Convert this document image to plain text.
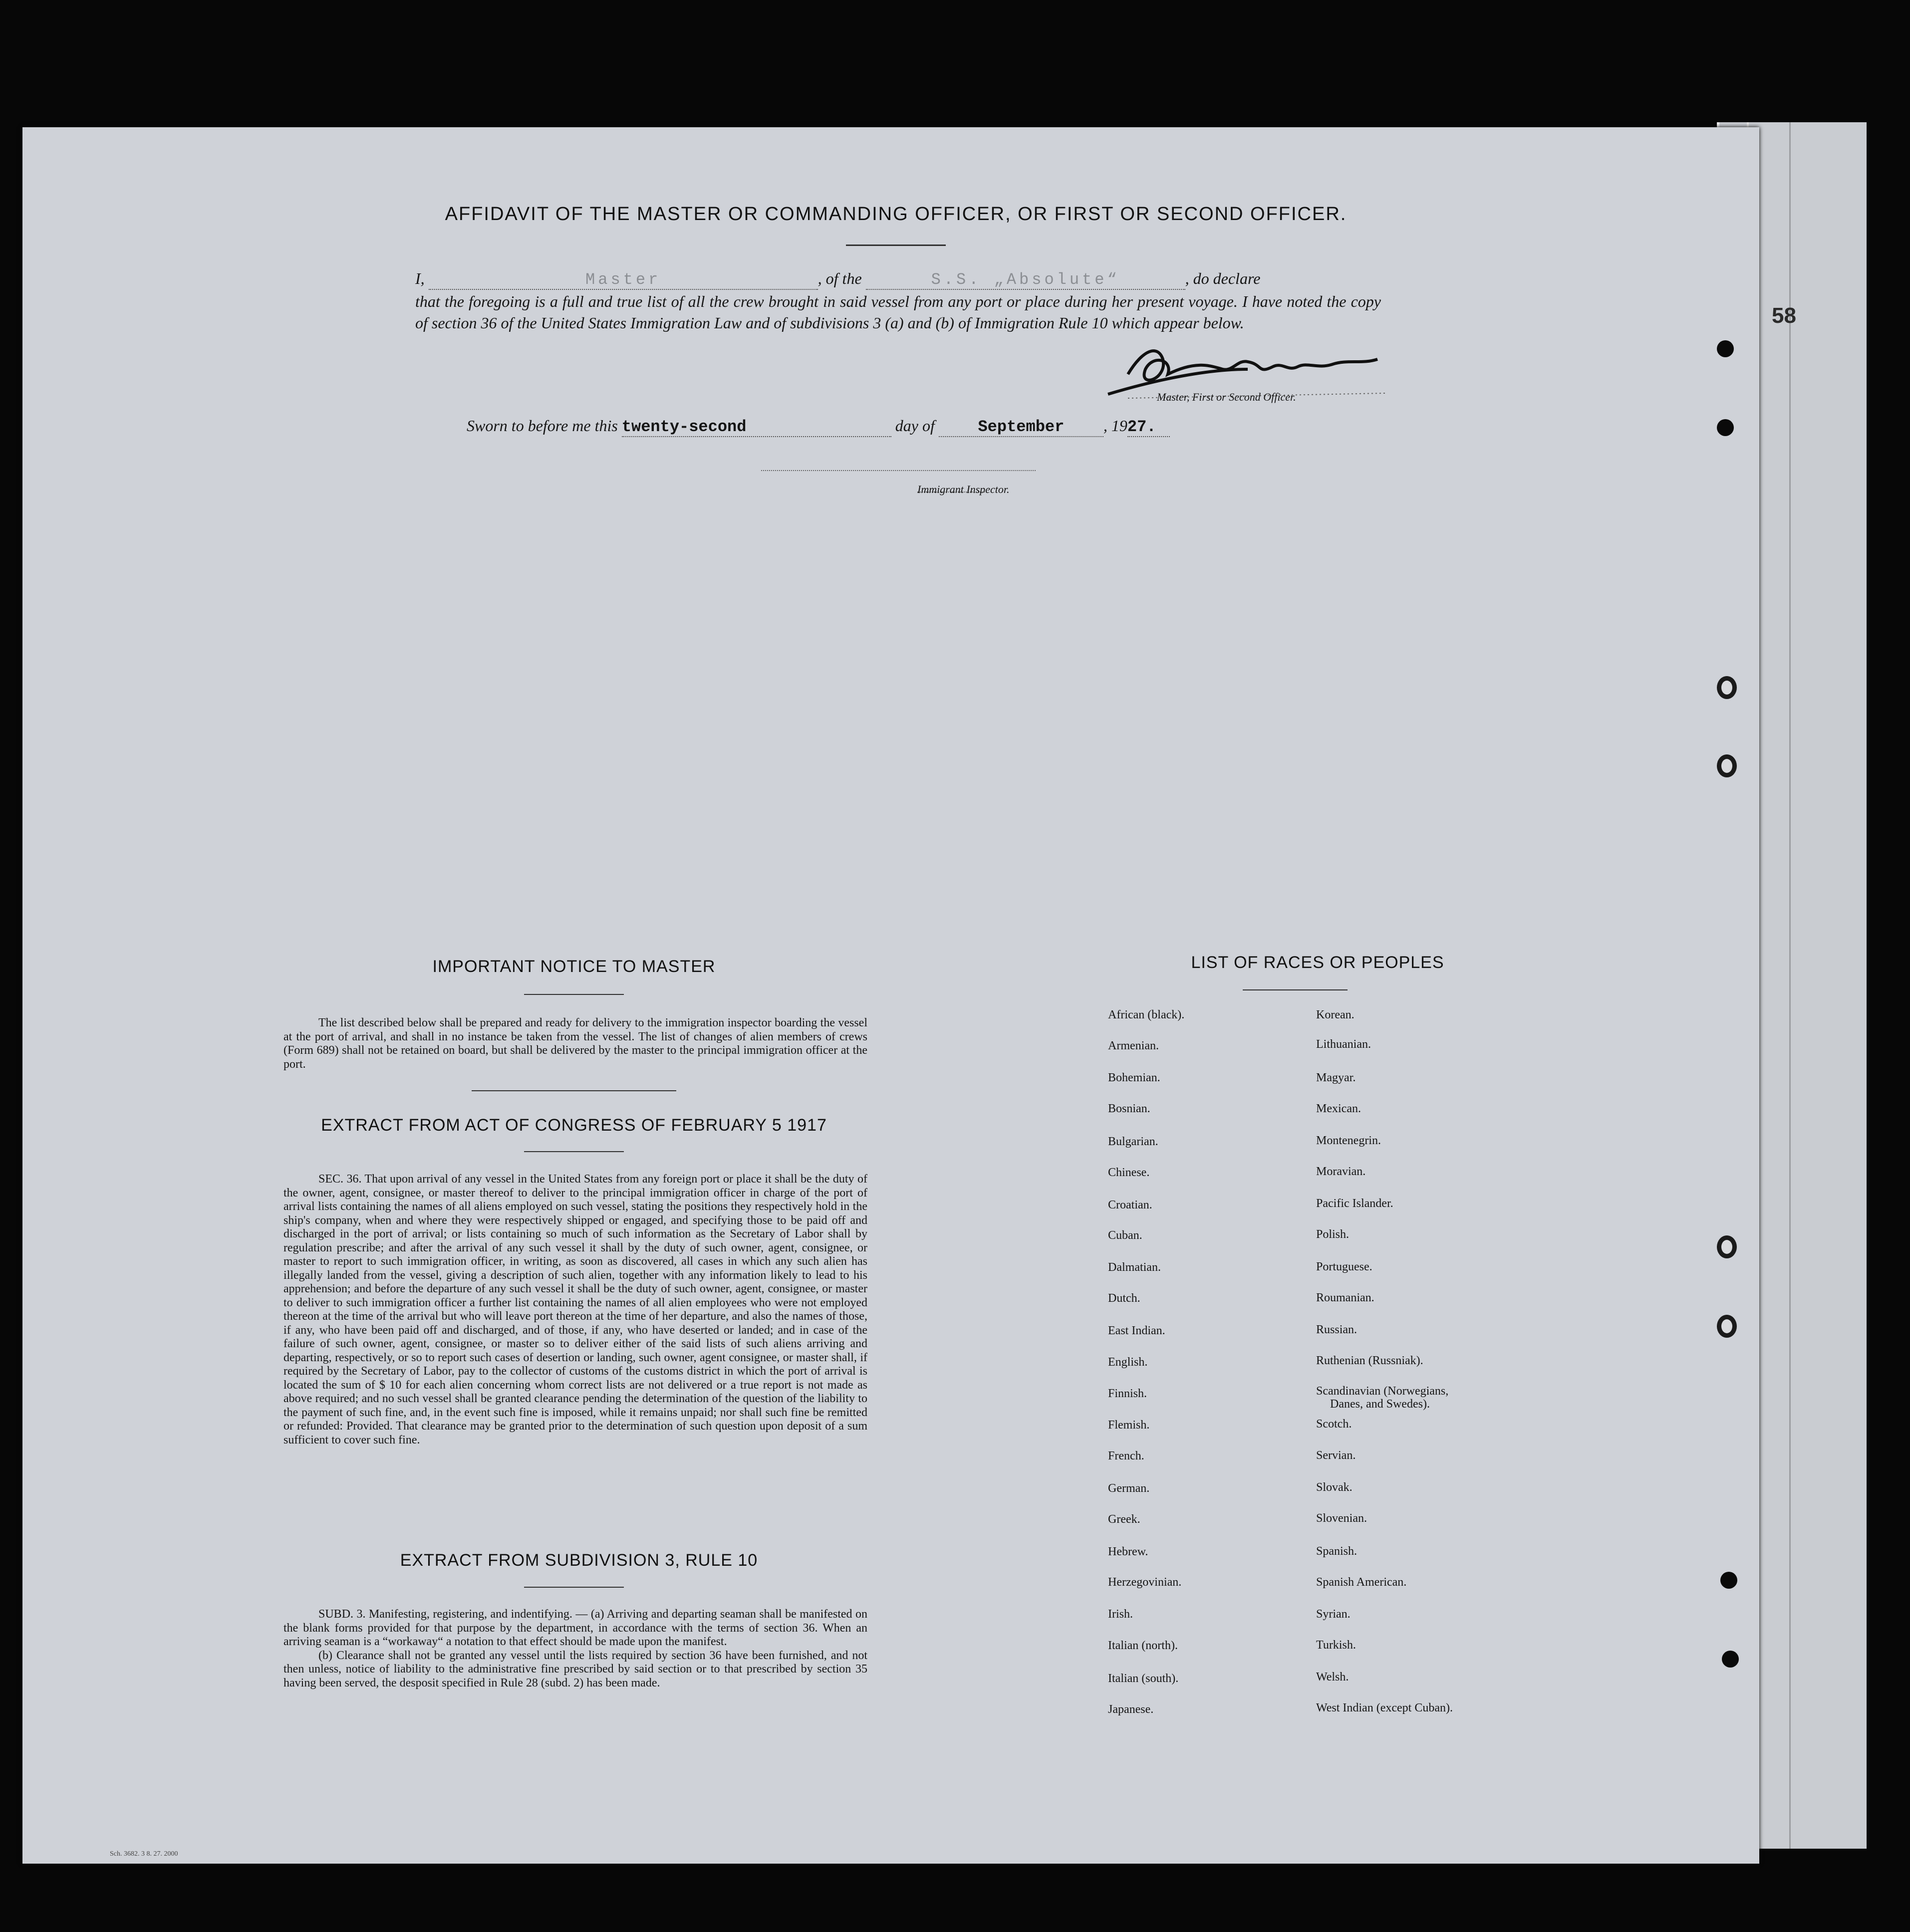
58
AFFIDAVIT OF THE MASTER OR COMMANDING OFFICER, OR FIRST OR SECOND OFFICER.
I,	Master	, of the	S.S. „Absolute“	, do declare
that the foregoing is a full and true list of all the crew brought in said vessel from any port or place during her present voyage. I have noted the copy of section 36 of the United States Immigration Law and of subdivisions 3 (a) and (b) of Immigration Rule 10 which appear below.
Master, First or Second Officer.
Sworn to before me this twenty-second	day of	September , 1927.
Immigrant Inspector.
IMPORTANT NOTICE TO MASTER

The list described below shall be prepared and ready for delivery to the immigration inspector boarding the vessel at the port of arrival, and shall in no instance be taken from the vessel. The list of changes of alien members of crews (Form 689) shall not be retained on board, but shall be delivered by the master to the principal immigration officer at the port.

EXTRACT FROM ACT OF CONGRESS OF FEBRUARY 5 1917

SEC. 36. That upon arrival of any vessel in the United States from any foreign port or place it shall be the duty of the owner, agent, consignee, or master thereof to deliver to the principal immigration officer in charge of the port of arrival lists containing the names of all aliens employed on such vessel, stating the positions they respectively hold in the ship's company, when and where they were respectively shipped or engaged, and specifying those to be paid off and discharged in the port of arrival; or lists containing so much of such information as the Secretary of Labor shall by regulation prescribe; and after the arrival of any such vessel it shall by the duty of such owner, agent, consignee, or master to report to such immigration officer, in writing, as soon as discovered, all cases in which any such alien has illegally landed from the vessel, giving a description of such alien, together with any information likely to lead to his apprehension; and before the departure of any such vessel it shall be the duty of such owner, agent, consignee, or master to deliver to such immigration officer a further list containing the names of all alien employees who were not employed thereon at the time of the arrival but who will leave port thereon at the time of her departure, and also the names of those, if any, who have been paid off and discharged, and of those, if any, who have deserted or landed; and in case of the failure of such owner, agent, consignee, or master so to deliver either of the said lists of such aliens arriving and departing, respectively, or so to report such cases of desertion or landing, such owner, agent consignee, or master shall, if required by the Secretary of Labor, pay to the collector of customs of the customs district in which the port of arrival is located the sum of $ 10 for each alien concerning whom correct lists are not delivered or a true report is not made as above required; and no such vessel shall be granted clearance pending the determination of the question of the liability to the payment of such fine, and, in the event such fine is imposed, while it remains unpaid; nor shall such fine be remitted or refunded: Provided. That clearance may be granted prior to the determination of such question upon deposit of a sum sufficient to cover such fine.

EXTRACT FROM SUBDIVISION 3, RULE 10

SUBD. 3. Manifesting, registering, and indentifying. — (a) Arriving and departing seaman shall be manifested on the blank forms provided for that purpose by the department, in accordance with the terms of section 36. When an arriving seaman is a “workaway“ a notation to that effect should be made upon the manifest.

(b) Clearance shall not be granted any vessel until the lists required by section 36 have been furnished, and not then unless, notice of liability to the administrative fine prescribed by said section or to that prescribed by section 35 having been served, the desposit specified in Rule 28 (subd. 2) has been made.

LIST OF RACES OR PEOPLES
African (black).
Armenian.
Bohemian.
Bosnian.
Bulgarian.
Chinese.
Croatian.
Cuban.
Dalmatian.
Dutch.
East Indian.
English.
Finnish.
Flemish.
French.
German.
Greek.
Hebrew.
Herzegovinian.
Irish.
Italian (north).
Italian (south).
Japanese.
Korean.
Lithuanian.
Magyar.
Mexican.
Montenegrin.
Moravian.
Pacific Islander.
Polish.
Portuguese.
Roumanian.
Russian.
Ruthenian (Russniak).
Scandinavian (Norwegians,
Danes, and Swedes).
Scotch.
Servian.
Slovak.
Slovenian.
Spanish.
Spanish American.
Syrian.
Turkish.
Welsh.
West Indian (except Cuban).
Sch. 3682. 3 8. 27. 2000
